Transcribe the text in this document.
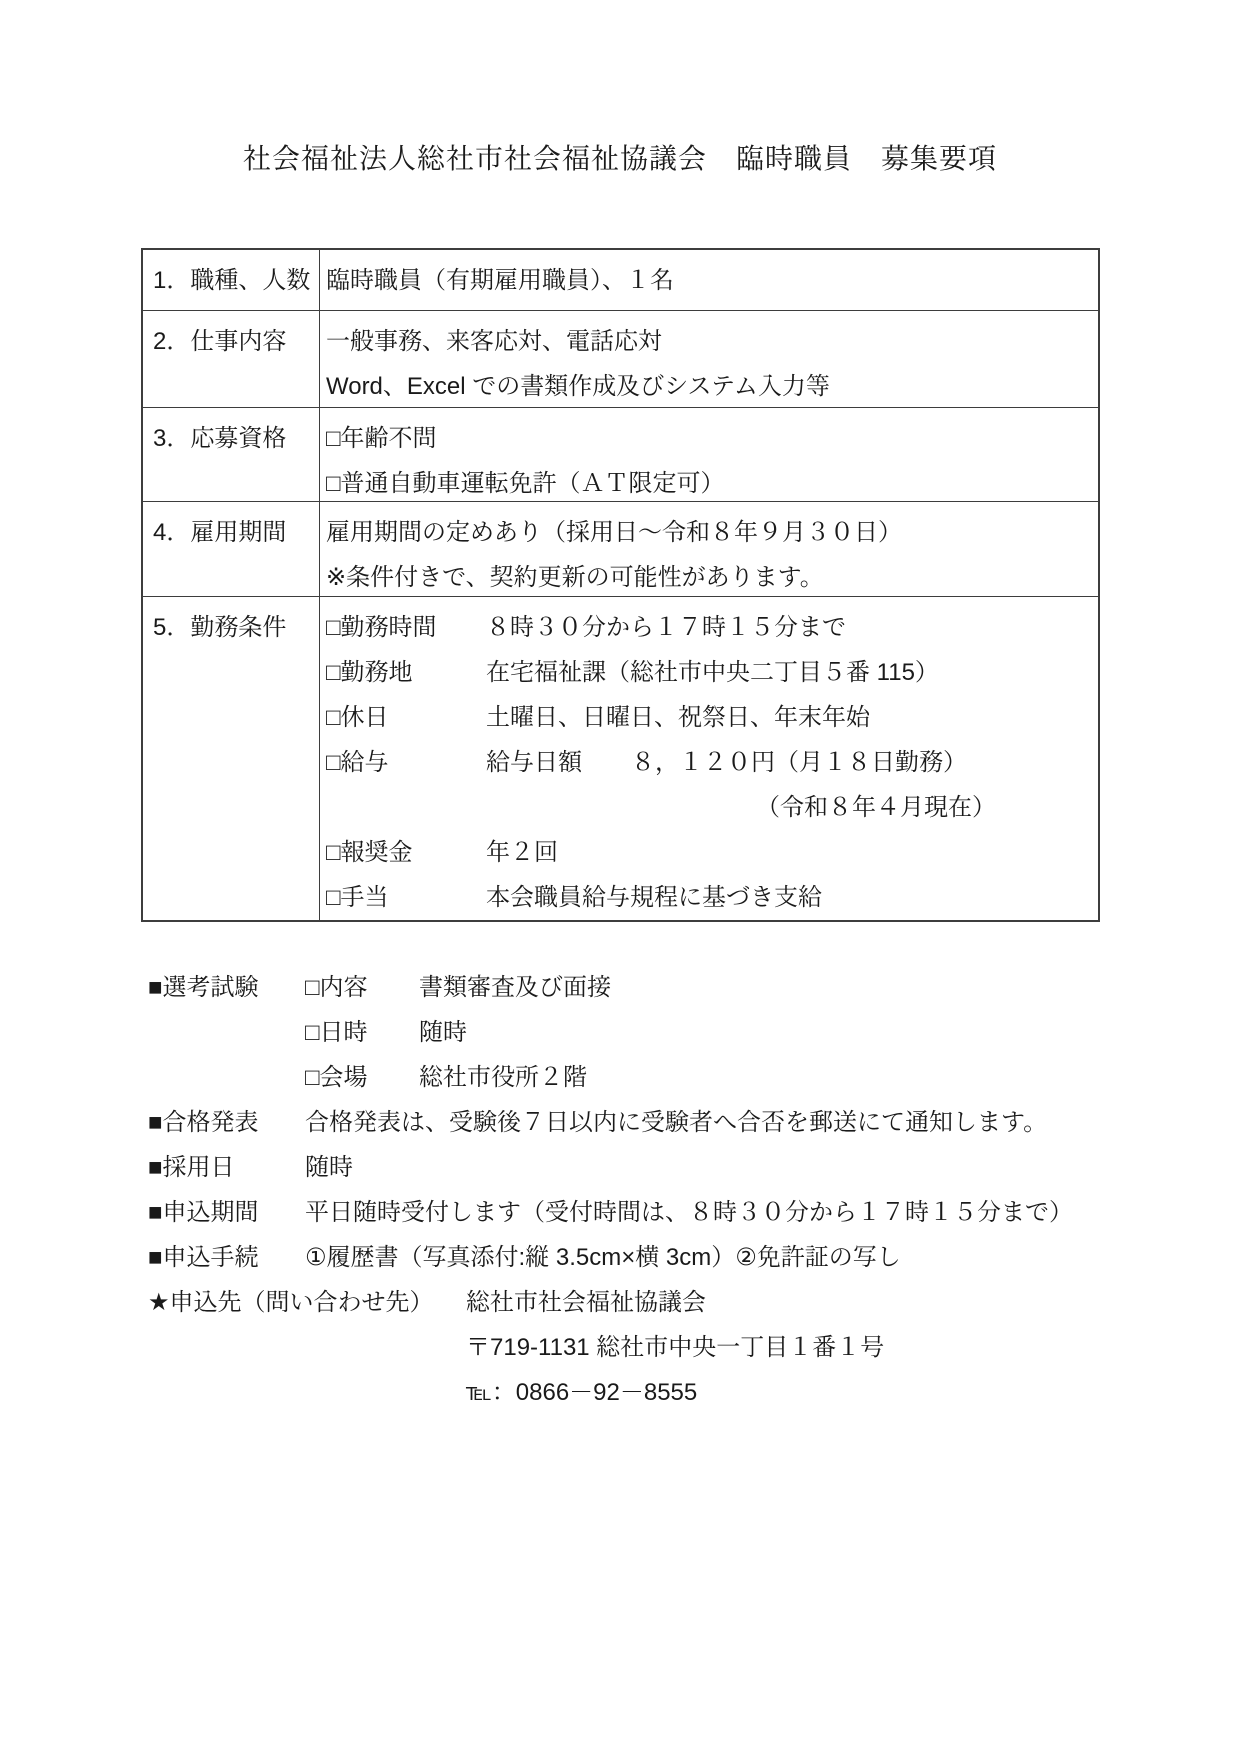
社会福祉法人総社市社会福祉協議会　臨時職員　募集要項
1．職種、人数 臨時職員（有期雇用職員）、１名
2．仕事内容	一般事務、来客応対、電話応対
Word、Excel での書類作成及びシステム入力等
3．応募資格	□年齢不問
□普通自動車運転免許（ＡＴ限定可）
4．雇用期間	雇用期間の定めあり（採用日～令和８年９月３０日）
※条件付きで、契約更新の可能性があります。
5．勤務条件	□勤務時間 ８時３０分から１７時１５分まで
□勤務地	在宅福祉課（総社市中央二丁目５番 115）
□休日	土曜日、日曜日、祝祭日、年末年始
□給与	給与日額 ８，１２０円（月１８日勤務）
（令和８年４月現在）
□報奨金	年２回
□手当	本会職員給与規程に基づき支給
■選考試験 □内容 書類審査及び面接
□日時 随時
□会場 総社市役所２階
■合格発表 合格発表は、受験後７日以内に受験者へ合否を郵送にて通知します。
■採用日	随時
■申込期間 平日随時受付します（受付時間は、８時３０分から１７時１５分まで）
■申込手続 ①履歴書（写真添付:縦 3.5cm×横 3cm）②免許証の写し
★申込先（問い合わせ先） 総社市社会福祉協議会
〒719-1131 総社市中央一丁目１番１号
℡：0866－92－8555
